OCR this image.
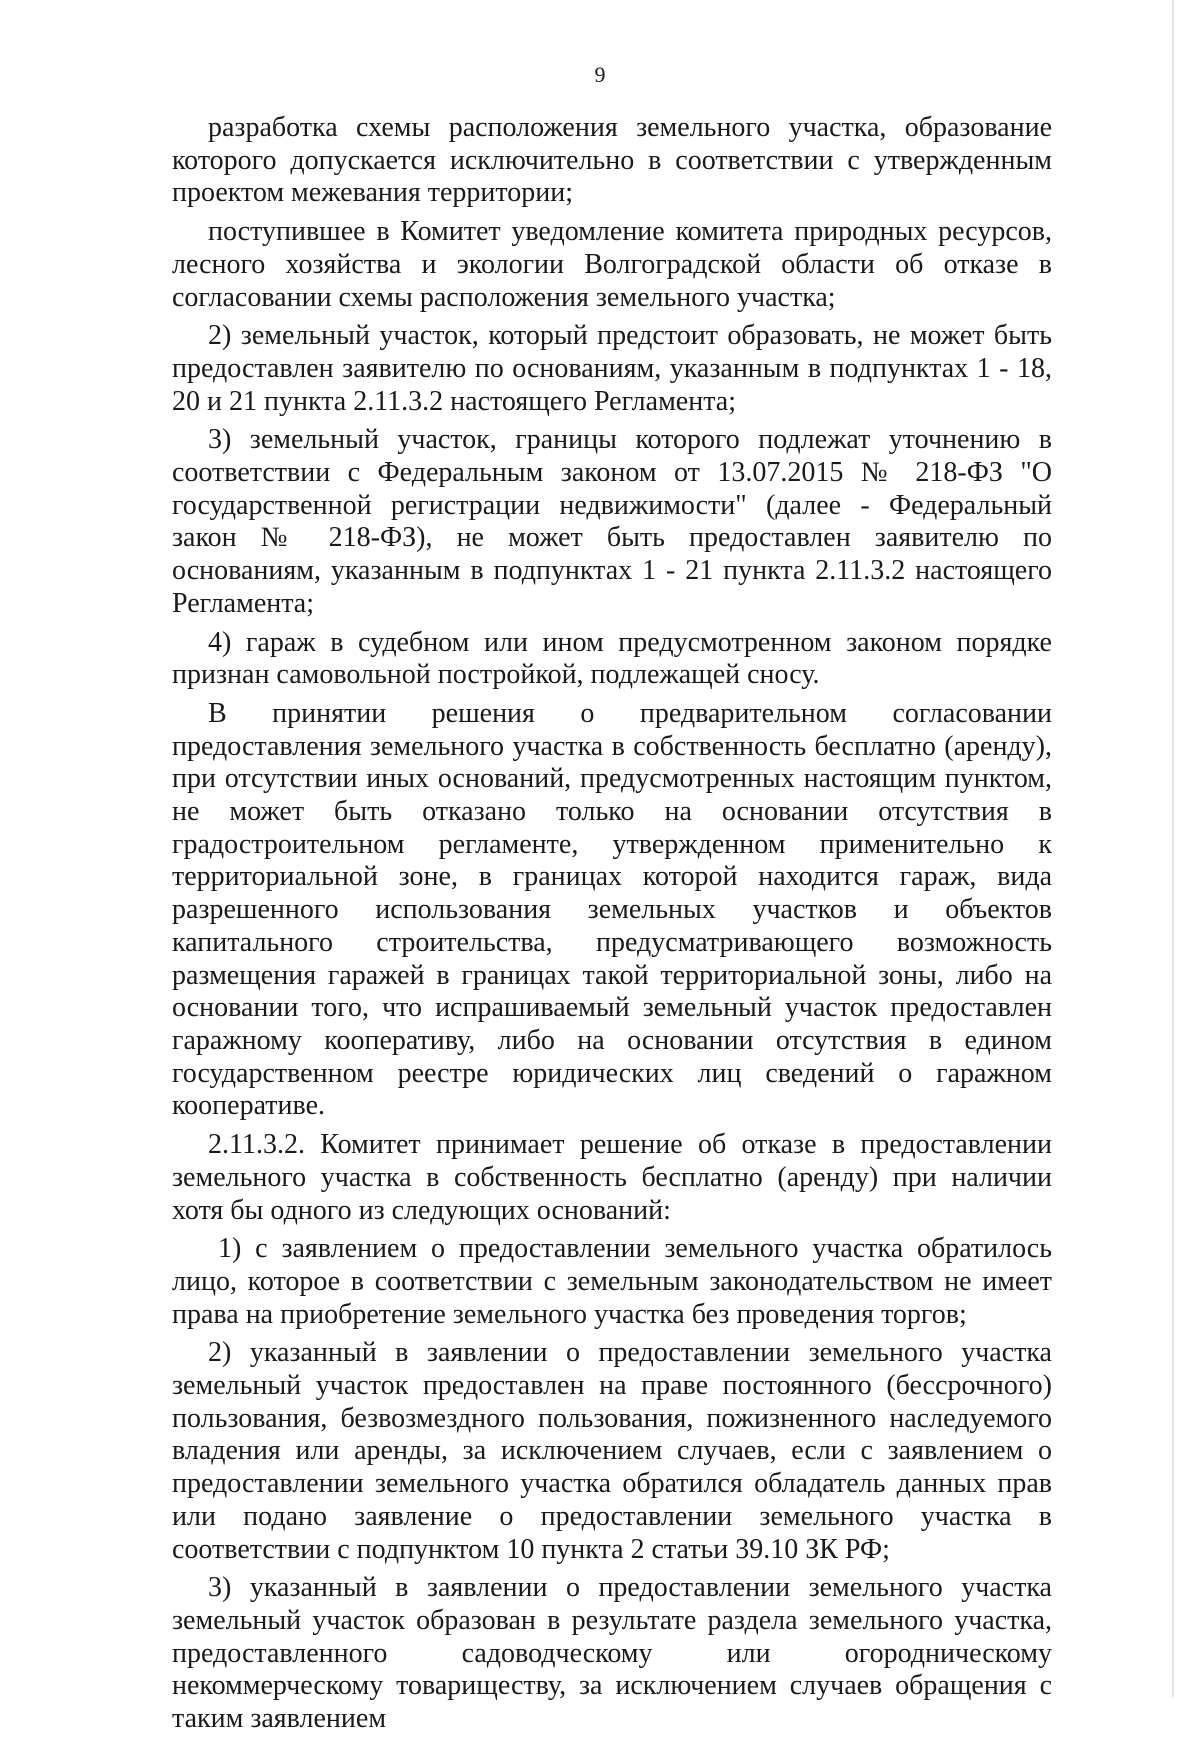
9

разработка схемы расположения земельного участка, образование которого допускается исключительно в соответствии с утвержденным проектом межевания территории;

поступившее в Комитет уведомление комитета природных ресурсов, лесного хозяйства и экологии Волгоградской области об отказе в согласовании схемы расположения земельного участка;

2) земельный участок, который предстоит образовать, не может быть предоставлен заявителю по основаниям, указанным в подпунктах 1 - 18, 20 и 21 пункта 2.11.3.2 настоящего Регламента;

3) земельный участок, границы которого подлежат уточнению в соответствии с Федеральным законом от 13.07.2015 № 218-ФЗ "О государственной регистрации недвижимости" (далее - Федеральный закон № 218-ФЗ), не может быть предоставлен заявителю по основаниям, указанным в подпунктах 1 - 21 пункта 2.11.3.2 настоящего Регламента;

4) гараж в судебном или ином предусмотренном законом порядке признан самовольной постройкой, подлежащей сносу.

В принятии решения о предварительном согласовании предоставления земельного участка в собственность бесплатно (аренду), при отсутствии иных оснований, предусмотренных настоящим пунктом, не может быть отказано только на основании отсутствия в градостроительном регламенте, утвержденном применительно к территориальной зоне, в границах которой находится гараж, вида разрешенного использования земельных участков и объектов капитального строительства, предусматривающего возможность размещения гаражей в границах такой территориальной зоны, либо на основании того, что испрашиваемый земельный участок предоставлен гаражному кооперативу, либо на основании отсутствия в едином государственном реестре юридических лиц сведений о гаражном кооперативе.

2.11.3.2. Комитет принимает решение об отказе в предоставлении земельного участка в собственность бесплатно (аренду) при наличии хотя бы одного из следующих оснований:

1) с заявлением о предоставлении земельного участка обратилось лицо, которое в соответствии с земельным законодательством не имеет права на приобретение земельного участка без проведения торгов;

2) указанный в заявлении о предоставлении земельного участка земельный участок предоставлен на праве постоянного (бессрочного) пользования, безвозмездного пользования, пожизненного наследуемого владения или аренды, за исключением случаев, если с заявлением о предоставлении земельного участка обратился обладатель данных прав или подано заявление о предоставлении земельного участка в соответствии с подпунктом 10 пункта 2 статьи 39.10 ЗК РФ;

3) указанный в заявлении о предоставлении земельного участка земельный участок образован в результате раздела земельного участка, предоставленного садоводческому или огородническому некоммерческому товариществу, за исключением случаев обращения с таким заявлением
